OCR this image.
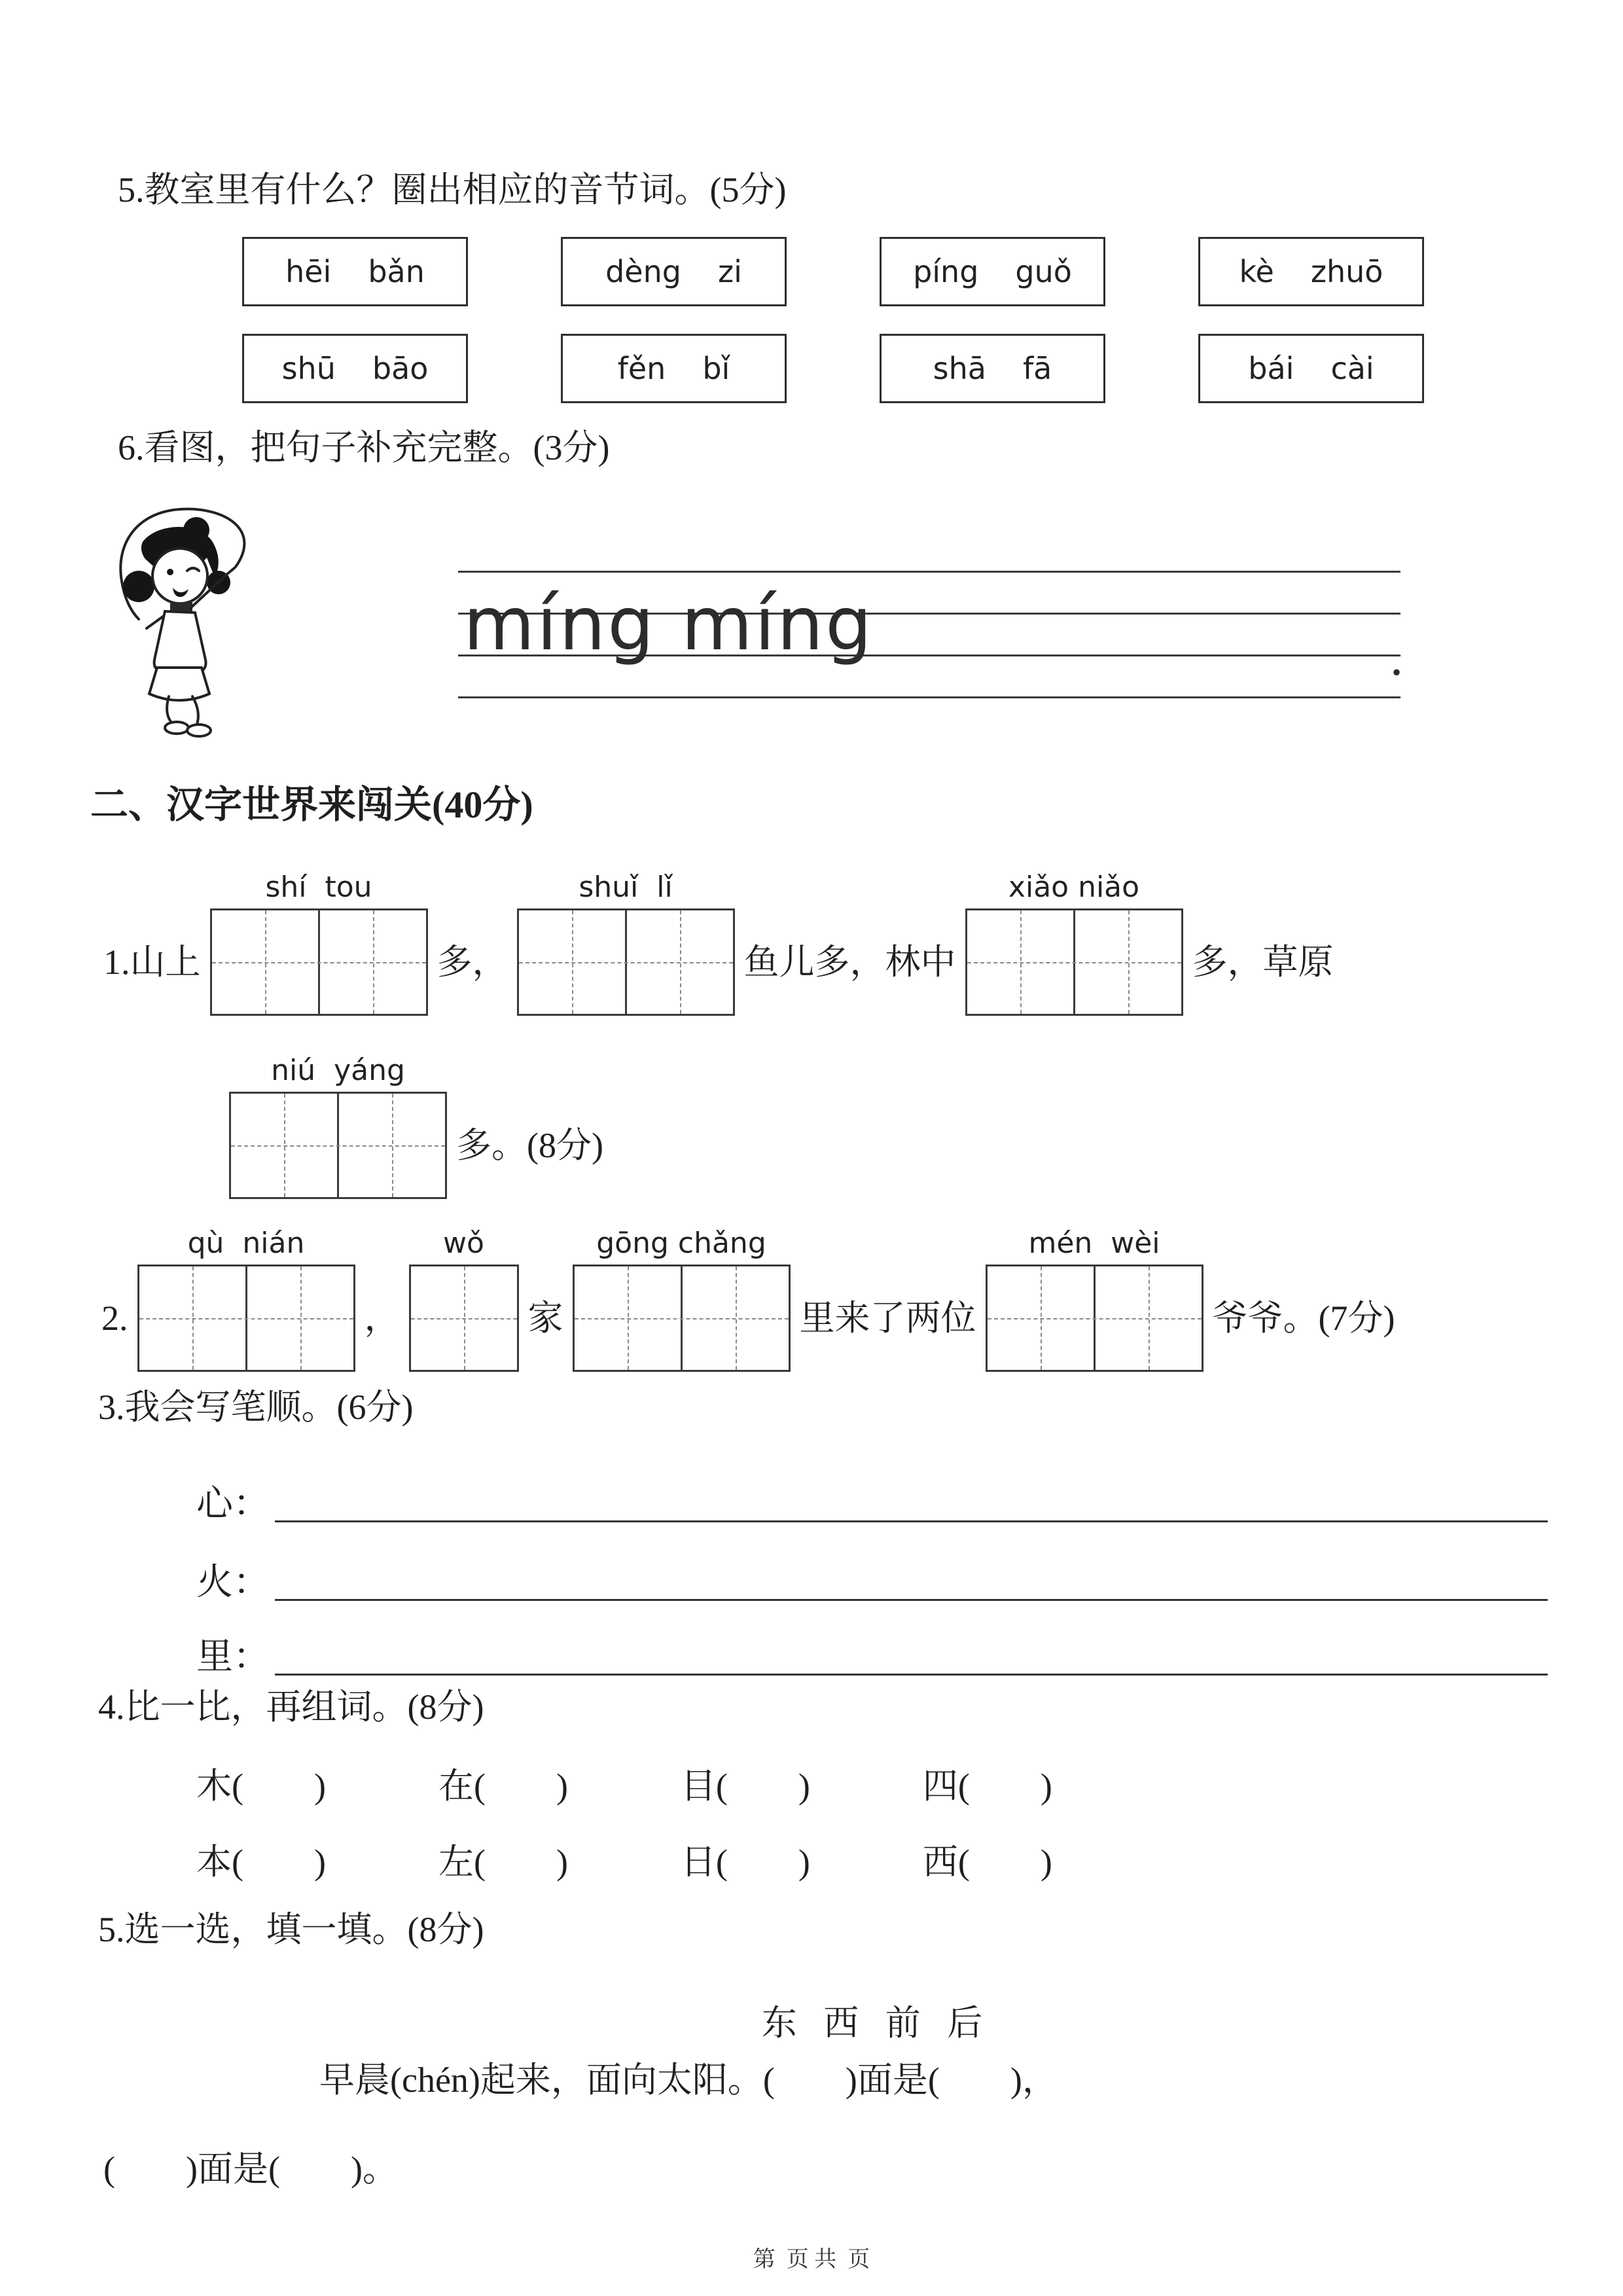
5.教室里有什么？圈出相应的音节词。(5分)
hēi bǎn	dèng zi	píng guǒ	kè zhuō
shū bāo	fěn bǐ	shā fā	bái cài
6.看图，把句子补充完整。(3分)
míng míng	.
二、汉字世界来闯关(40分)
1.山上
shí  tou
多，
shuǐ  lǐ
鱼儿多，林中
xiǎo niǎo
多，草原
niú  yáng
多。(8分)
2.
qù  nián
，
wǒ
家
gōng chǎng
里来了两位
mén  wèi
爷爷。(7分)
3.我会写笔顺。(6分)
心：
火：
里：
4.比一比，再组词。(8分)
木(        )	在(        )	目(        )	四(        )
本(        )	左(        )	日(        )	西(        )
5.选一选，填一填。(8分)
东   西   前   后
早晨(chén)起来，面向太阳。(        )面是(        )，
(        )面是(        )。
第  页 共  页
